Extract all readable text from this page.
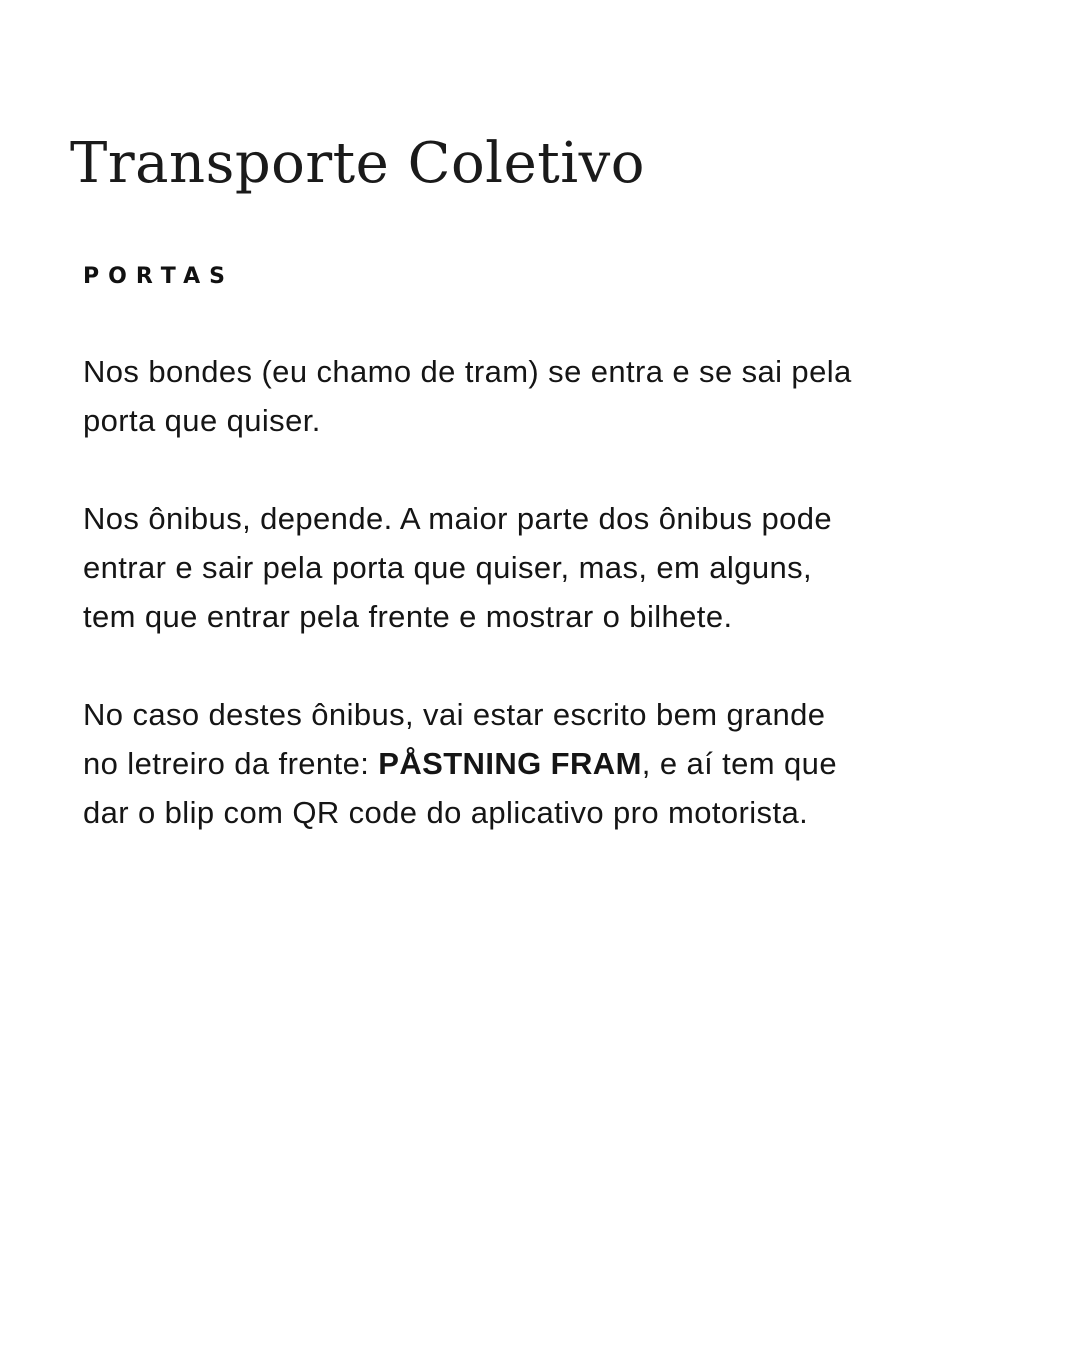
Transporte Coletivo
PORTAS

Nos bondes (eu chamo de tram) se entra e se sai pela
porta que quiser.

Nos ônibus, depende. A maior parte dos ônibus pode
entrar e sair pela porta que quiser, mas, em alguns,
tem que entrar pela frente e mostrar o bilhete.

No caso destes ônibus, vai estar escrito bem grande
no letreiro da frente: PÅSTNING FRAM, e aí tem que
dar o blip com QR code do aplicativo pro motorista.
